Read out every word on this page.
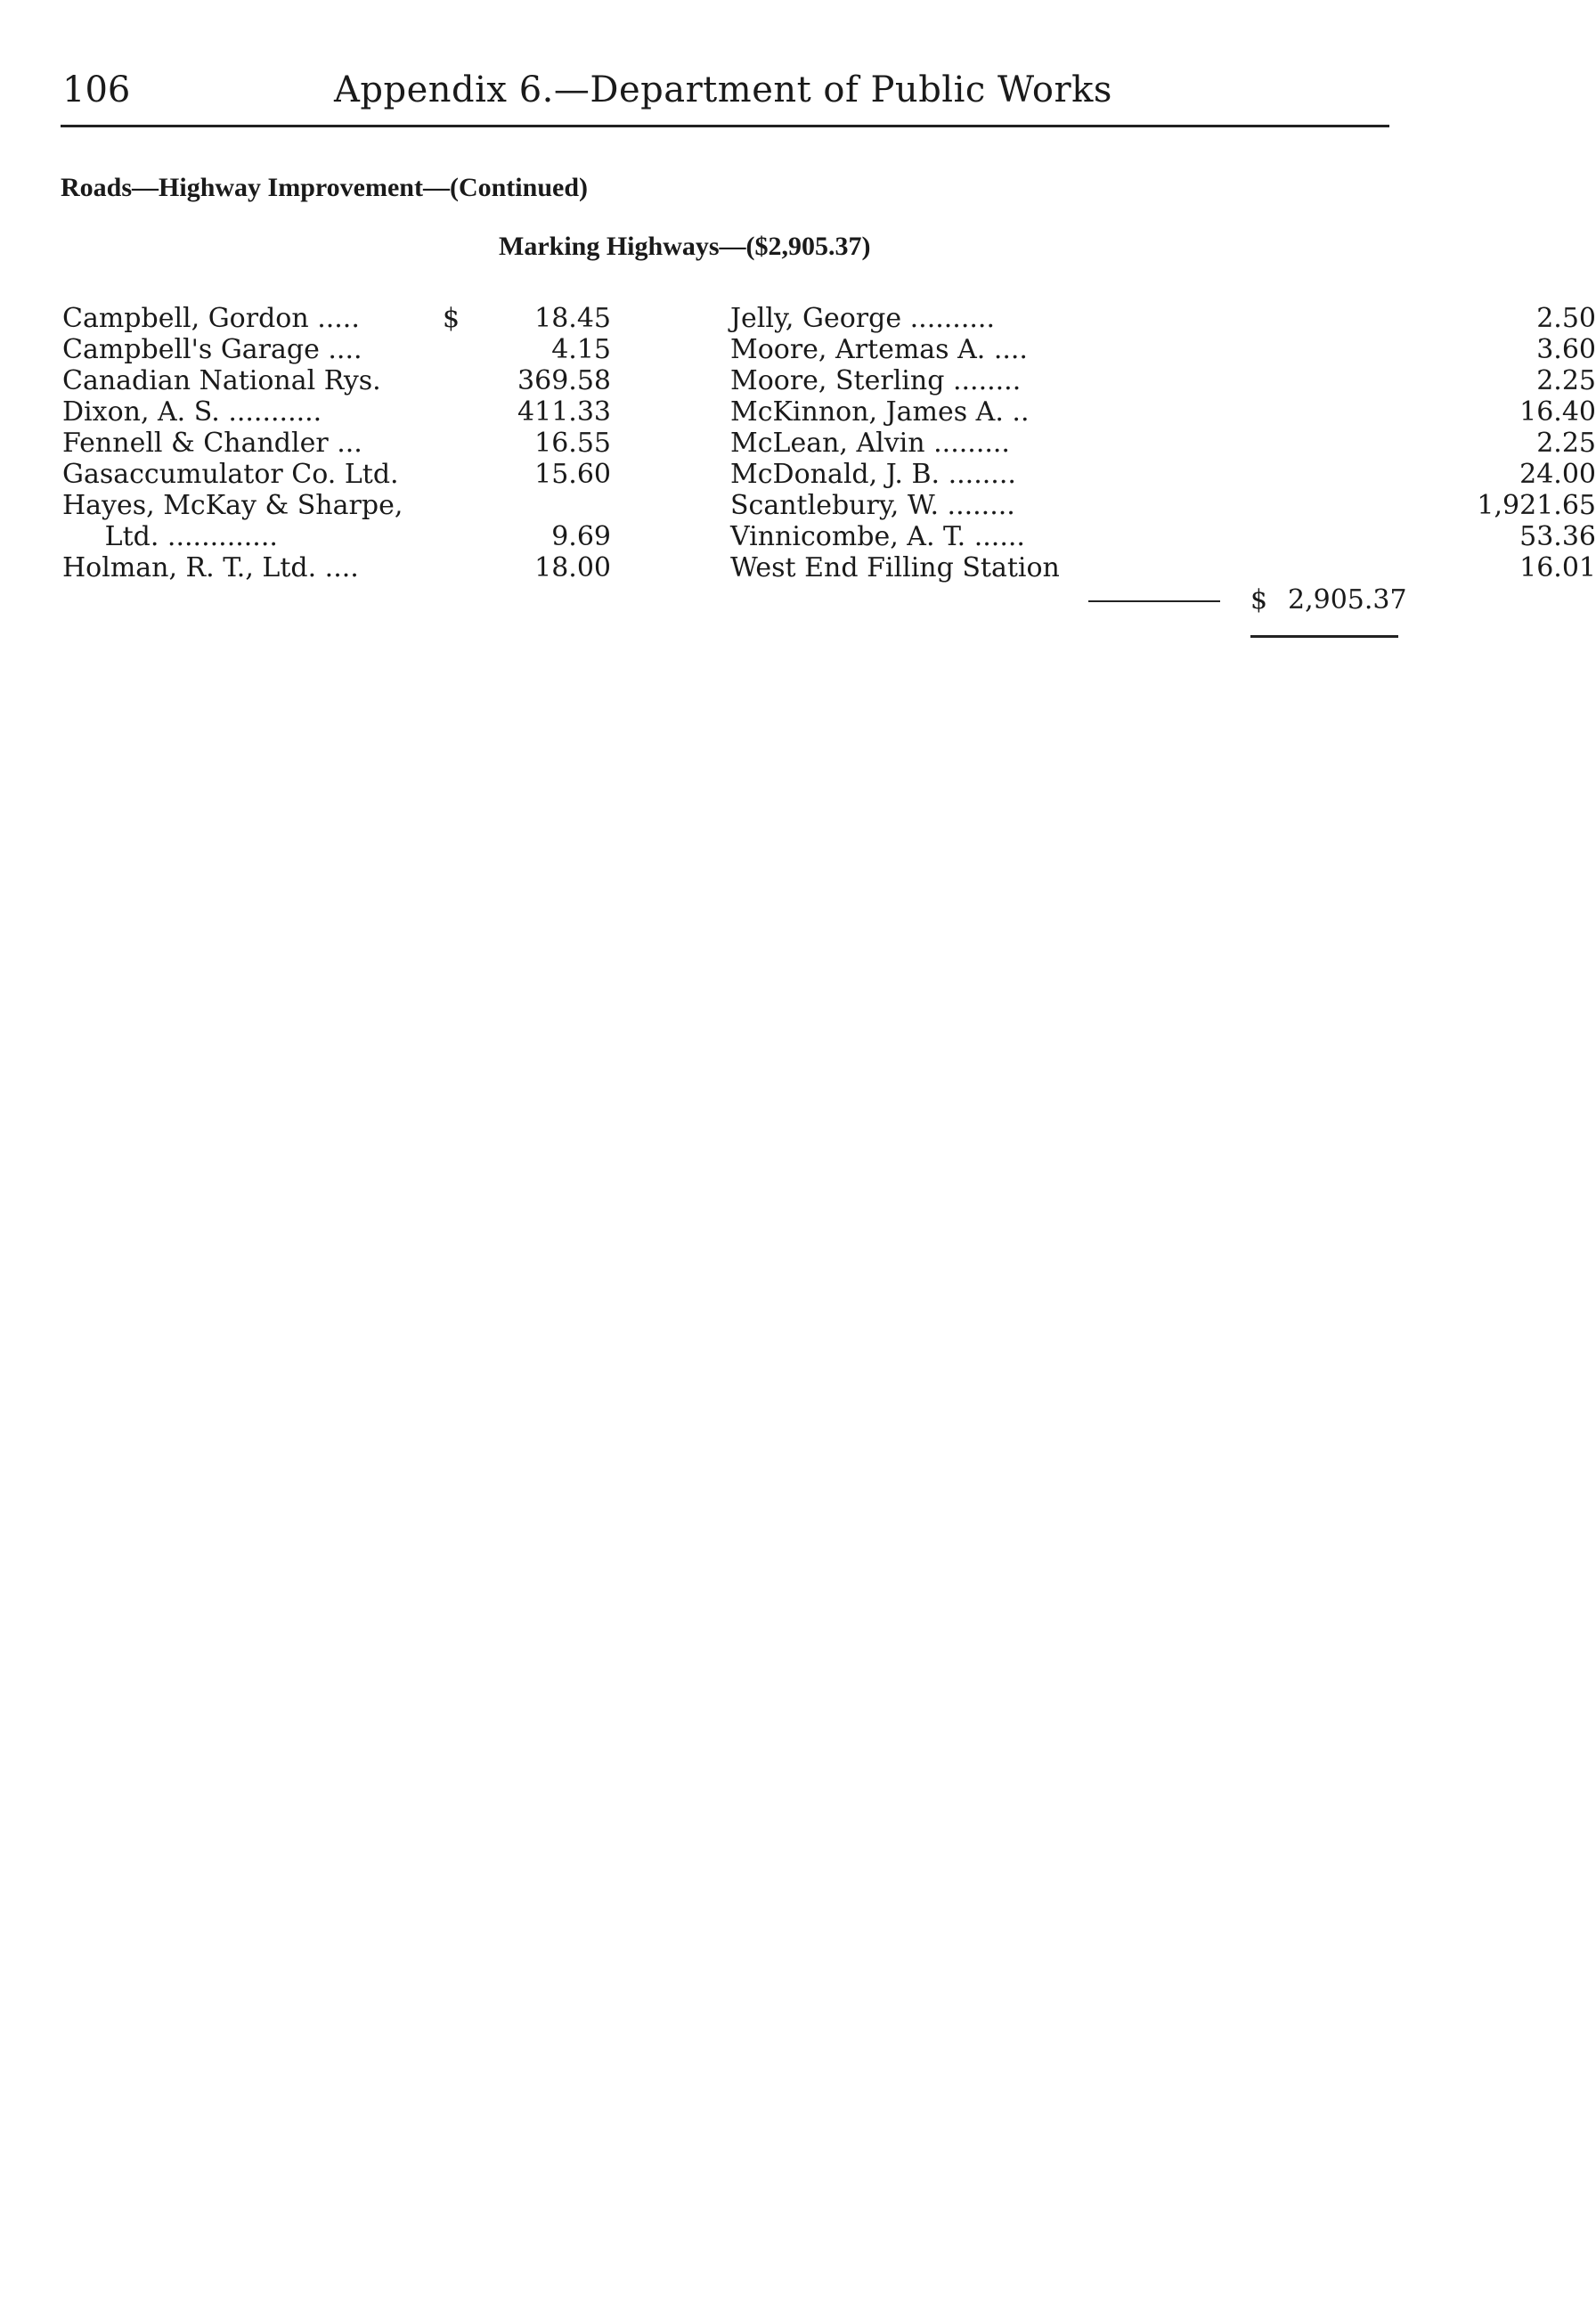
106	Appendix 6.—Department of Public Works
Roads—Highway Improvement—(Continued)
Marking Highways—($2,905.37)
Campbell, Gordon .....	$	18.45
Campbell's Garage ....	4.15
Canadian National Rys.	369.58
Dixon, A. S. ...........	411.33
Fennell & Chandler ...	16.55
Gasaccumulator Co. Ltd.	15.60
Hayes, McKay & Sharpe,
Ltd. .............	9.69
Holman, R. T., Ltd. ....	18.00
Jelly, George ..........	2.50
Moore, Artemas A. ....	3.60
Moore, Sterling ........	2.25
McKinnon, James A. ..	16.40
McLean, Alvin .........	2.25
McDonald, J. B. ........	24.00
Scantlebury, W. ........	1,921.65
Vinnicombe, A. T. ......	53.36
West End Filling Station	16.01
$ 2,905.37
